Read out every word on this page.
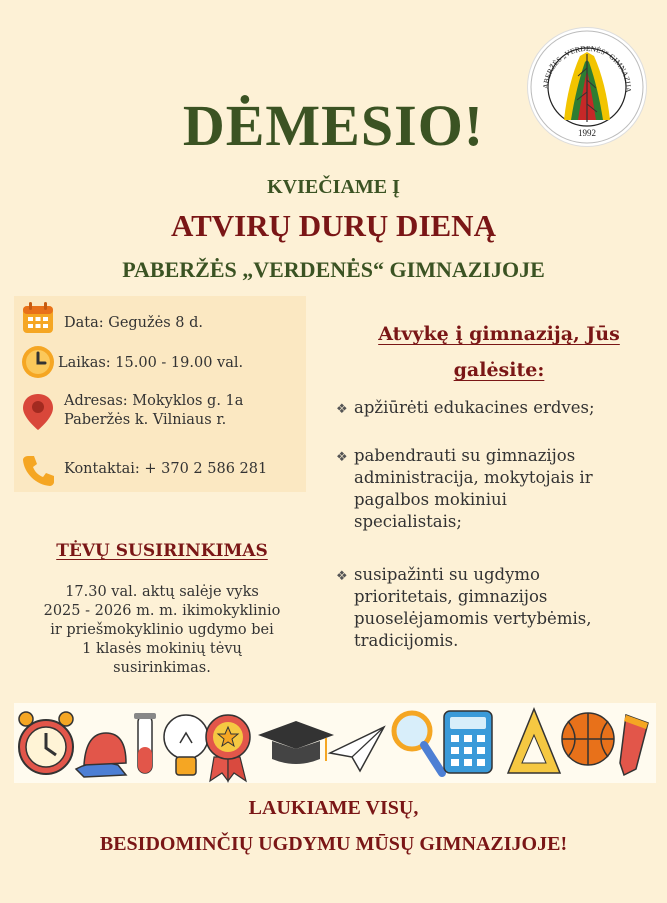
ABERŽĖS „VERDENĖS“ GIMNAZIJA
1992
DĖMESIO!
KVIEČIAME Į
ATVIRŲ DURŲ DIENĄ
PABERŽĖS „VERDENĖS“ GIMNAZIJOJE
Data: Gegužės 8 d.
Laikas: 15.00 - 19.00 val.
Adresas: Mokyklos g. 1a
Paberžės k. Vilniaus r.
Kontaktai: + 370 2 586 281
TĖVŲ SUSIRINKIMAS
17.30 val. aktų salėje vyks
2025 - 2026 m. m. ikimokyklinio
ir priešmokyklinio ugdymo bei
1 klasės mokinių tėvų
susirinkimas.
Atvykę į gimnaziją, Jūs
galėsite:
❖ apžiūrėti edukacines erdves;
❖ pabendrauti su gimnazijos
administracija, mokytojais ir
pagalbos mokiniui
specialistais;
❖ susipažinti su ugdymo
prioritetais, gimnazijos
puoselėjamomis vertybėmis,
tradicijomis.
LAUKIAME VISŲ,
BESIDOMINČIŲ UGDYMU MŪSŲ GIMNAZIJOJE!
